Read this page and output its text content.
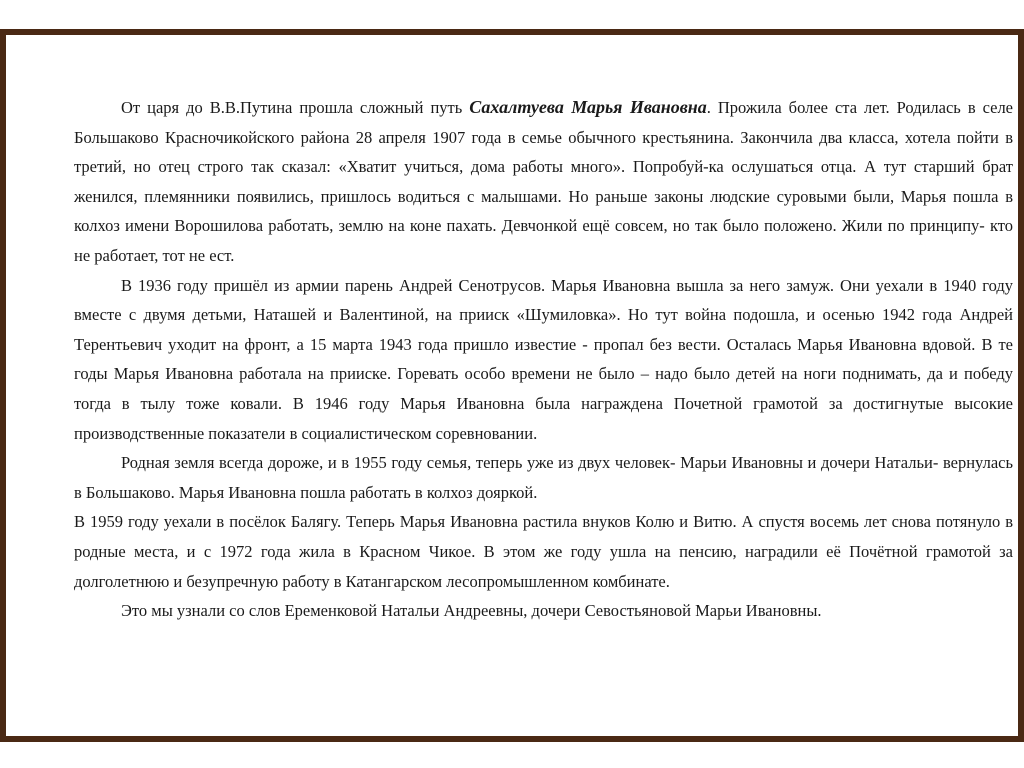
От царя до В.В.Путина прошла сложный путь Сахалтуева Марья Ивановна. Прожила более ста лет. Родилась в селе Большаково Красночикойского района 28 апреля 1907 года в семье обычного крестьянина. Закончила два класса, хотела пойти в третий, но отец строго так сказал: «Хватит учиться, дома работы много». Попробуй-ка ослушаться отца. А тут старший брат женился, племянники появились, пришлось водиться с малышами. Но раньше законы людские суровыми были, Марья пошла в колхоз имени Ворошилова работать, землю на коне пахать. Девчонкой ещё совсем, но так было положено. Жили по принципу- кто не работает, тот не ест.

В 1936 году пришёл из армии парень Андрей Сенотрусов. Марья Ивановна вышла за него замуж. Они уехали в 1940 году вместе с двумя детьми, Наташей и Валентиной, на прииск «Шумиловка». Но тут война подошла, и осенью 1942 года Андрей Терентьевич уходит на фронт, а 15 марта 1943 года пришло известие - пропал без вести. Осталась Марья Ивановна вдовой. В те годы Марья Ивановна работала на прииске. Горевать особо времени не было – надо было детей на ноги поднимать, да и победу тогда в тылу тоже ковали. В 1946 году Марья Ивановна была награждена Почетной грамотой за достигнутые высокие производственные показатели в социалистическом соревновании.

Родная земля всегда дороже, и в 1955 году семья, теперь уже из двух человек- Марьи Ивановны и дочери Натальи- вернулась в Большаково. Марья Ивановна пошла работать в колхоз дояркой.

В 1959 году уехали в посёлок Балягу. Теперь Марья Ивановна растила внуков Колю и Витю. А спустя восемь лет снова потянуло в родные места, и с 1972 года жила в Красном Чикое. В этом же году ушла на пенсию, наградили её Почётной грамотой за долголетнюю и безупречную работу в Катангарском лесопромышленном комбинате.

Это мы узнали со слов Еременковой Натальи Андреевны, дочери Севостьяновой Марьи Ивановны.
